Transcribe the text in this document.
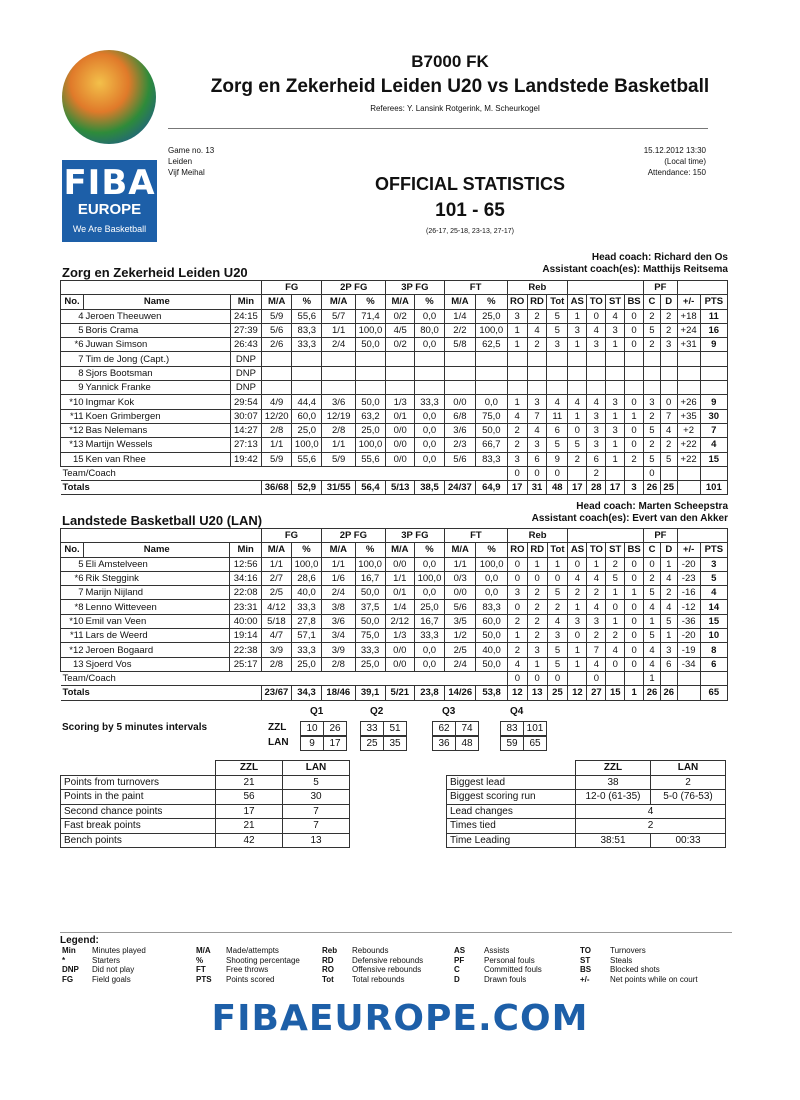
FIBA
EUROPE
We Are Basketball
B7000 FK
Zorg en Zekerheid Leiden U20 vs Landstede Basketball
Referees: Y. Lansink Rotgerink, M. Scheurkogel
Game no. 13
Leiden
Vijf Meihal
15.12.2012 13:30
(Local time)
Attendance: 150
OFFICIAL STATISTICS
101 - 65
(26-17, 25-18, 23-13, 27-17)
Head coach: Richard den Os
Assistant coach(es): Matthijs Reitsema
Zorg en Zekerheid Leiden U20
			FG		2P FG		3P FG		FT		Reb							PF			
No.	Name	Min	M/A	%	M/A	%	M/A	%	M/A	%	RO	RD	Tot	AS	TO	ST	BS	C	D	+/-	PTS
4	Jeroen Theeuwen	24:15	5/9	55,6	5/7	71,4	0/2	0,0	1/4	25,0	3	2	5	1	0	4	0	2	2	+18	11
5	Boris Crama	27:39	5/6	83,3	1/1	100,0	4/5	80,0	2/2	100,0	1	4	5	3	4	3	0	5	2	+24	16
*6	Juwan Simson	26:43	2/6	33,3	2/4	50,0	0/2	0,0	5/8	62,5	1	2	3	1	3	1	0	2	3	+31	9
7	Tim de Jong (Capt.)	DNP																			
8	Sjors Bootsman	DNP																			
9	Yannick Franke	DNP																			
*10	Ingmar Kok	29:54	4/9	44,4	3/6	50,0	1/3	33,3	0/0	0,0	1	3	4	4	4	3	0	3	0	+26	9
*11	Koen Grimbergen	30:07	12/20	60,0	12/19	63,2	0/1	0,0	6/8	75,0	4	7	11	1	3	1	1	2	7	+35	30
*12	Bas Nelemans	14:27	2/8	25,0	2/8	25,0	0/0	0,0	3/6	50,0	2	4	6	0	3	3	0	5	4	+2	7
*13	Martijn Wessels	27:13	1/1	100,0	1/1	100,0	0/0	0,0	2/3	66,7	2	3	5	5	3	1	0	2	2	+22	4
15	Ken van Rhee	19:42	5/9	55,6	5/9	55,6	0/0	0,0	5/6	83,3	3	6	9	2	6	1	2	5	5	+22	15
Team/Coach											0	0	0		2			0			
Totals			36/68	52,9	31/55	56,4	5/13	38,5	24/37	64,9	17	31	48	17	28	17	3	26	25		101
Head coach: Marten Scheepstra
Assistant coach(es): Evert van den Akker
Landstede Basketball U20 (LAN)
			FG		2P FG		3P FG		FT		Reb							PF			
No.	Name	Min	M/A	%	M/A	%	M/A	%	M/A	%	RO	RD	Tot	AS	TO	ST	BS	C	D	+/-	PTS
5	Eli Amstelveen	12:56	1/1	100,0	1/1	100,0	0/0	0,0	1/1	100,0	0	1	1	0	1	2	0	0	1	-20	3
*6	Rik Steggink	34:16	2/7	28,6	1/6	16,7	1/1	100,0	0/3	0,0	0	0	0	4	4	5	0	2	4	-23	5
7	Marijn Nijland	22:08	2/5	40,0	2/4	50,0	0/1	0,0	0/0	0,0	3	2	5	2	2	1	1	5	2	-16	4
*8	Lenno Witteveen	23:31	4/12	33,3	3/8	37,5	1/4	25,0	5/6	83,3	0	2	2	1	4	0	0	4	4	-12	14
*10	Emil van Veen	40:00	5/18	27,8	3/6	50,0	2/12	16,7	3/5	60,0	2	2	4	3	3	1	0	1	5	-36	15
*11	Lars de Weerd	19:14	4/7	57,1	3/4	75,0	1/3	33,3	1/2	50,0	1	2	3	0	2	2	0	5	1	-20	10
*12	Jeroen Bogaard	22:38	3/9	33,3	3/9	33,3	0/0	0,0	2/5	40,0	2	3	5	1	7	4	0	4	3	-19	8
13	Sjoerd Vos	25:17	2/8	25,0	2/8	25,0	0/0	0,0	2/4	50,0	4	1	5	1	4	0	0	4	6	-34	6
Team/Coach											0	0	0		0			1			
Totals			23/67	34,3	18/46	39,1	5/21	23,8	14/26	53,8	12	13	25	12	27	15	1	26	26		65
Scoring by 5 minutes intervals
Q1	Q2	Q3	Q4
ZZL	10	26	33	51	62	74	83 101
LAN	9	17	25	35	36	48	59	65
	ZZL	LAN
Points from turnovers	21	5
Points in the paint	56	30
Second chance points	17	7
Fast break points	21	7
Bench points	42	13
	ZZL	LAN
Biggest lead	38	2
Biggest scoring run	12-0 (61-35)	5-0 (76-53)
Lead changes	4	
Times tied	2	
Time Leading	38:51	00:33
Legend:
Min Minutes played
*	Starters
DNP Did not play
FG Field goals
M/A Made/attempts
%	Shooting percentage
FT	Free throws
PTS Points scored
Reb Rebounds
RD Defensive rebounds
RO Offensive rebounds
Tot Total rebounds
AS Assists
PF Personal fouls
C	Committed fouls
D	Drawn fouls
TO Turnovers
ST Steals
BS Blocked shots
+/-	Net points while on court
FIBAEUROPE.COM
